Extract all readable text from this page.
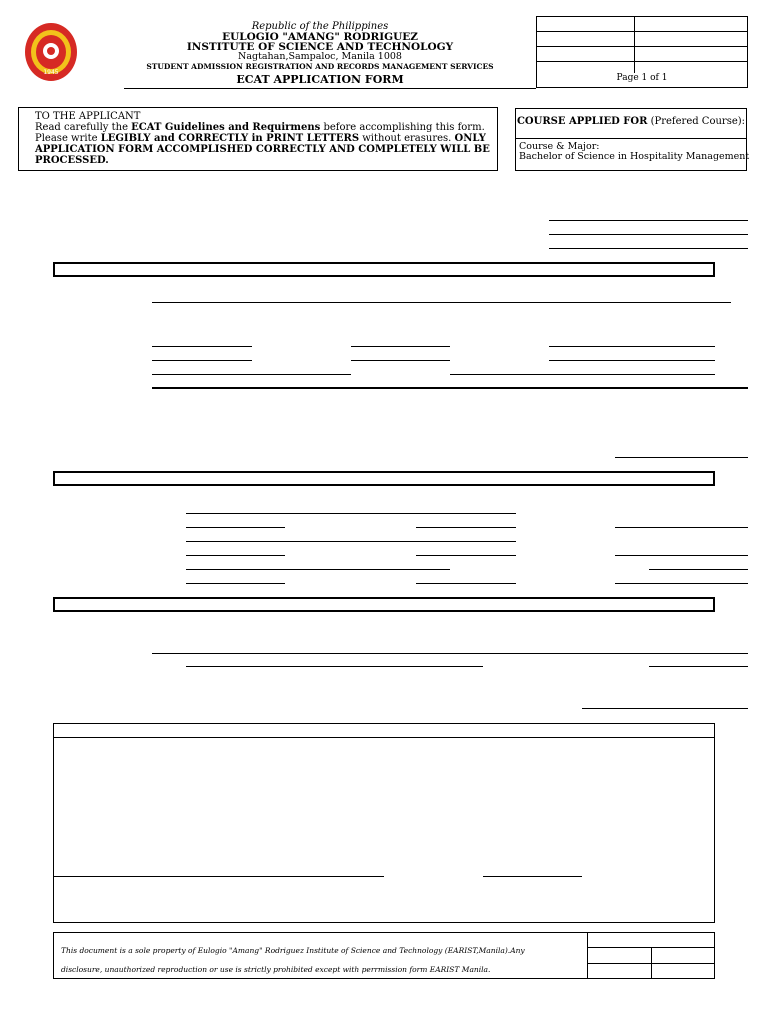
1945
Republic of the Philippines
EULOGIO "AMANG" RODRIGUEZ
INSTITUTE OF SCIENCE AND TECHNOLOGY
Nagtahan,Sampaloc, Manila 1008
STUDENT ADMISSION REGISTRATION AND RECORDS MANAGEMENT SERVICES
ECAT APPLICATION FORM	Page 1 of 1
TO THE APPLICANT
Read carefully the ECAT Guidelines and Requirmens before accomplishing this form.
Please write LEGIBLY and CORRECTLY in PRINT LETTERS without erasures. ONLY
APPLICATION FORM ACCOMPLISHED CORRECTLY AND COMPLETELY WILL BE
PROCESSED.
COURSE APPLIED FOR (Prefered Course):
Course & Major:
Bachelor of Science in Hospitality Management
This document is a sole property of Eulogio "Amang" Rodriguez Institute of Science and Technology (EARIST,Manila).Any
disclosure, unauthorized reproduction or use is strictly prohibited except with perrmission form EARIST Manila.
